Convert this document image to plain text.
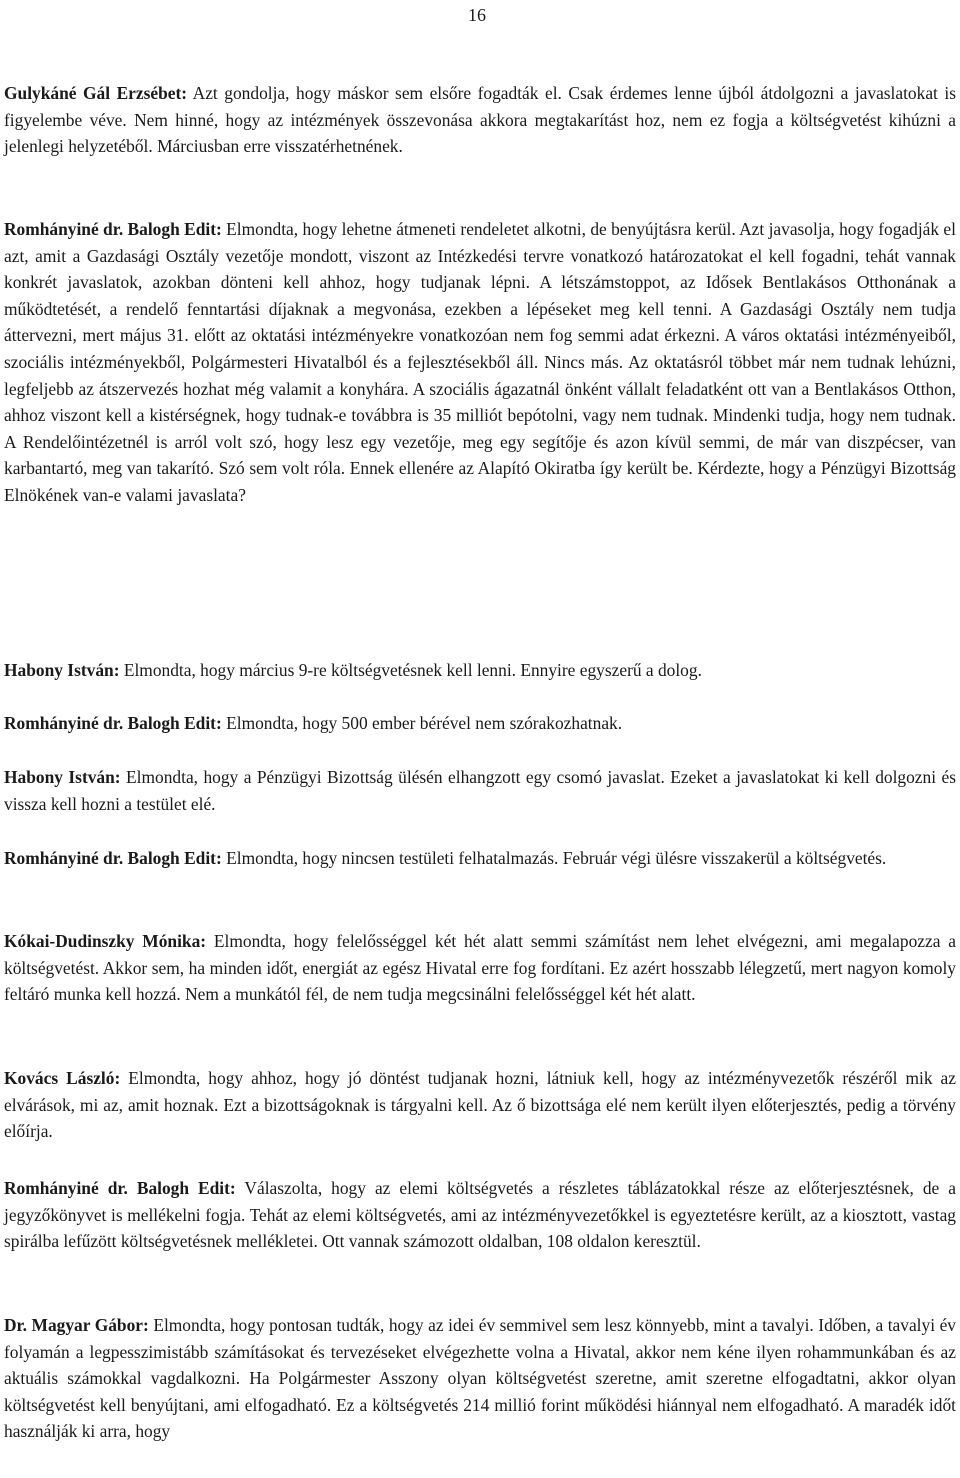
16

Gulykáné Gál Erzsébet: Azt gondolja, hogy máskor sem elsőre fogadták el. Csak érdemes lenne újból átdolgozni a javaslatokat is figyelembe véve. Nem hinné, hogy az intézmények összevonása akkora megtakarítást hoz, nem ez fogja a költségvetést kihúzni a jelenlegi helyzetéből. Márciusban erre visszatérhetnének.

Romhányiné dr. Balogh Edit: Elmondta, hogy lehetne átmeneti rendeletet alkotni, de benyújtásra kerül. Azt javasolja, hogy fogadják el azt, amit a Gazdasági Osztály vezetője mondott, viszont az Intézkedési tervre vonatkozó határozatokat el kell fogadni, tehát vannak konkrét javaslatok, azokban dönteni kell ahhoz, hogy tudjanak lépni. A létszámstoppot, az Idősek Bentlakásos Otthonának a működtetését, a rendelő fenntartási díjaknak a megvonása, ezekben a lépéseket meg kell tenni. A Gazdasági Osztály nem tudja áttervezni, mert május 31. előtt az oktatási intézményekre vonatkozóan nem fog semmi adat érkezni. A város oktatási intézményeiből, szociális intézményekből, Polgármesteri Hivatalból és a fejlesztésekből áll. Nincs más. Az oktatásról többet már nem tudnak lehúzni, legfeljebb az átszervezés hozhat még valamit a konyhára. A szociális ágazatnál önként vállalt feladatként ott van a Bentlakásos Otthon, ahhoz viszont kell a kistérségnek, hogy tudnak-e továbbra is 35 milliót bepótolni, vagy nem tudnak. Mindenki tudja, hogy nem tudnak. A Rendelőintézetnél is arról volt szó, hogy lesz egy vezetője, meg egy segítője és azon kívül semmi, de már van diszpécser, van karbantartó, meg van takarító. Szó sem volt róla. Ennek ellenére az Alapító Okiratba így került be. Kérdezte, hogy a Pénzügyi Bizottság Elnökének van-e valami javaslata?

Habony István: Elmondta, hogy március 9-re költségvetésnek kell lenni. Ennyire egyszerű a dolog.

Romhányiné dr. Balogh Edit: Elmondta, hogy 500 ember bérével nem szórakozhatnak.

Habony István: Elmondta, hogy a Pénzügyi Bizottság ülésén elhangzott egy csomó javaslat. Ezeket a javaslatokat ki kell dolgozni és vissza kell hozni a testület elé.

Romhányiné dr. Balogh Edit: Elmondta, hogy nincsen testületi felhatalmazás. Február végi ülésre visszakerül a költségvetés.

Kókai-Dudinszky Mónika: Elmondta, hogy felelősséggel két hét alatt semmi számítást nem lehet elvégezni, ami megalapozza a költségvetést. Akkor sem, ha minden időt, energiát az egész Hivatal erre fog fordítani. Ez azért hosszabb lélegzetű, mert nagyon komoly feltáró munka kell hozzá. Nem a munkától fél, de nem tudja megcsinálni felelősséggel két hét alatt.

Kovács László: Elmondta, hogy ahhoz, hogy jó döntést tudjanak hozni, látniuk kell, hogy az intézményvezetők részéről mik az elvárások, mi az, amit hoznak. Ezt a bizottságoknak is tárgyalni kell. Az ő bizottsága elé nem került ilyen előterjesztés, pedig a törvény előírja.

Romhányiné dr. Balogh Edit: Válaszolta, hogy az elemi költségvetés a részletes táblázatokkal része az előterjesztésnek, de a jegyzőkönyvet is mellékelni fogja. Tehát az elemi költségvetés, ami az intézményvezetőkkel is egyeztetésre került, az a kiosztott, vastag spirálba lefűzött költségvetésnek mellékletei. Ott vannak számozott oldalban, 108 oldalon keresztül.

Dr. Magyar Gábor: Elmondta, hogy pontosan tudták, hogy az idei év semmivel sem lesz könnyebb, mint a tavalyi. Időben, a tavalyi év folyamán a legpesszimistább számításokat és tervezéseket elvégezhette volna a Hivatal, akkor nem kéne ilyen rohammunkában és az aktuális számokkal vagdalkozni. Ha Polgármester Asszony olyan költségvetést szeretne, amit szeretne elfogadtatni, akkor olyan költségvetést kell benyújtani, ami elfogadható. Ez a költségvetés 214 millió forint működési hiánnyal nem elfogadható. A maradék időt használják ki arra, hogy
